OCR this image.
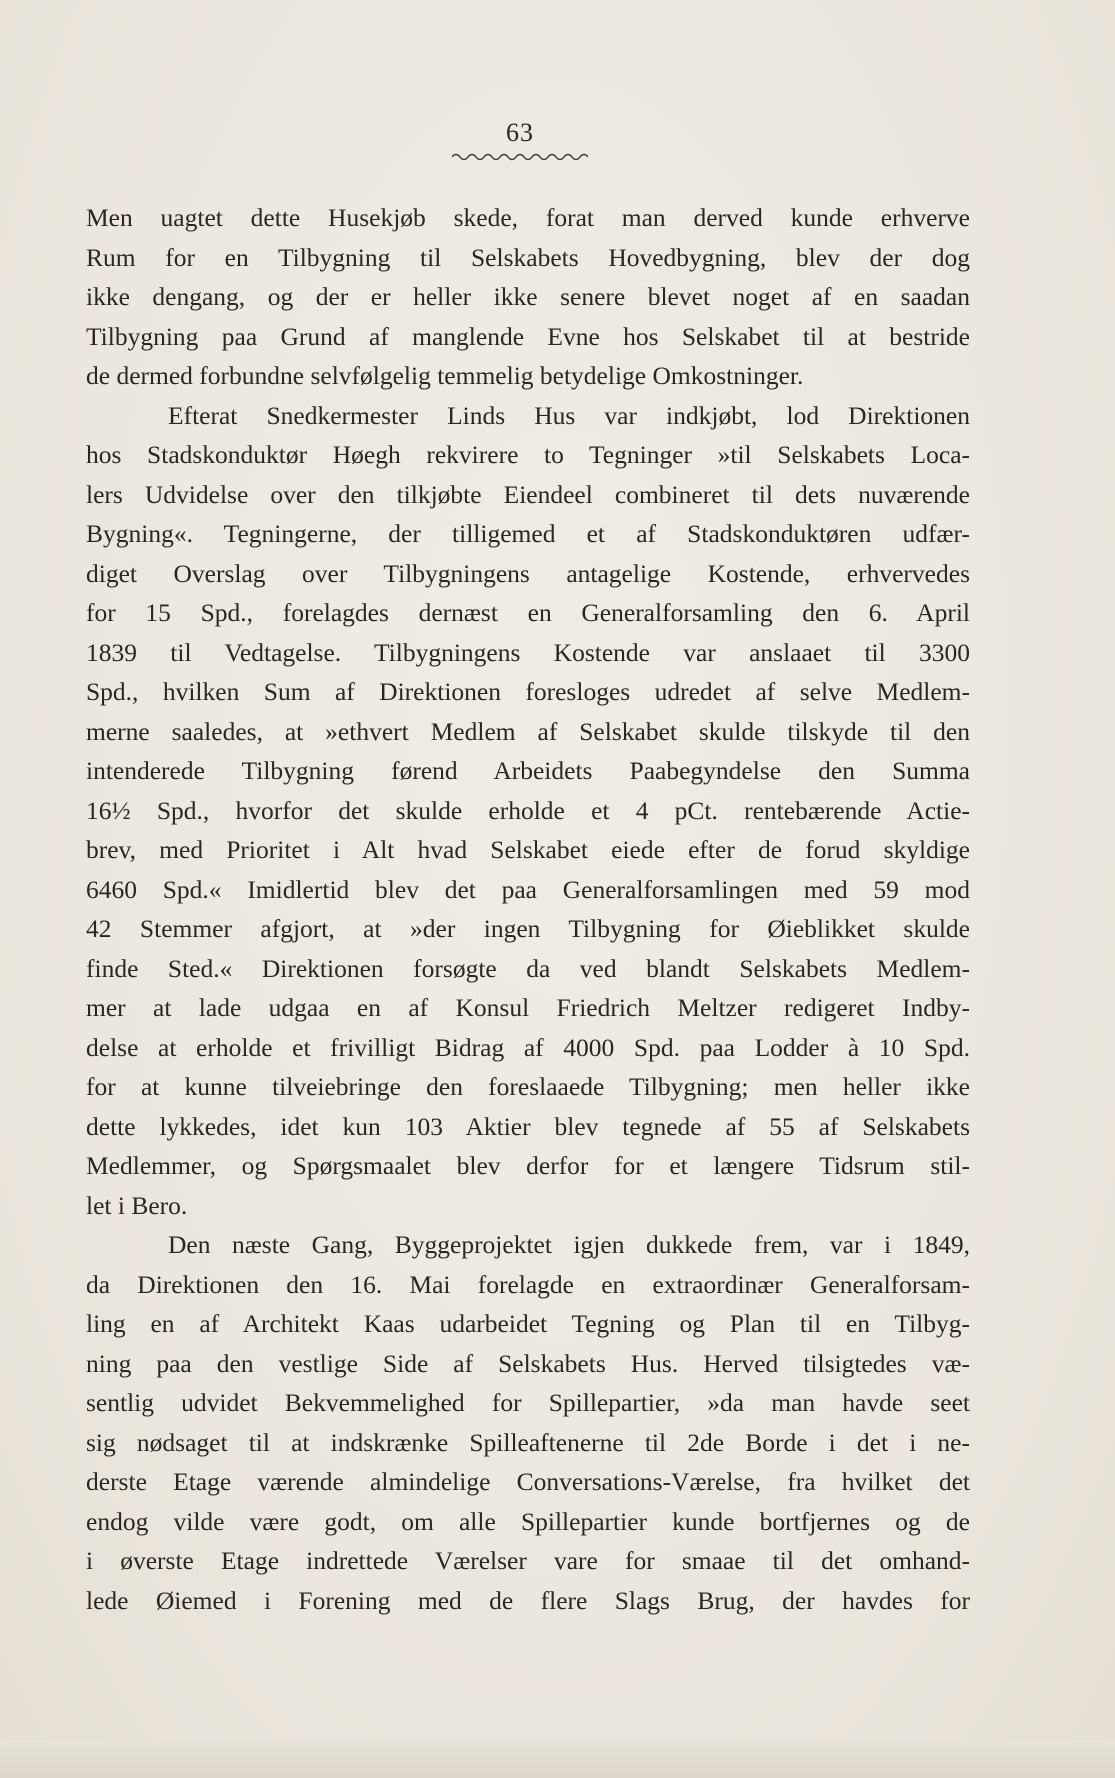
63
Men uagtet dette Husekjøb skede, forat man derved kunde erhverve
Rum for en Tilbygning til Selskabets Hovedbygning, blev der dog
ikke dengang, og der er heller ikke senere blevet noget af en saadan
Tilbygning paa Grund af manglende Evne hos Selskabet til at bestride
de dermed forbundne selvfølgelig temmelig betydelige Omkostninger.
Efterat Snedkermester Linds Hus var indkjøbt, lod Direktionen
hos Stadskonduktør Høegh rekvirere to Tegninger »til Selskabets Loca-
lers Udvidelse over den tilkjøbte Eiendeel combineret til dets nuværende
Bygning«. Tegningerne, der tilligemed et af Stadskonduktøren udfær-
diget Overslag over Tilbygningens antagelige Kostende, erhvervedes
for 15 Spd., forelagdes dernæst en Generalforsamling den 6. April
1839 til Vedtagelse. Tilbygningens Kostende var anslaaet til 3300
Spd., hvilken Sum af Direktionen foresloges udredet af selve Medlem-
merne saaledes, at »ethvert Medlem af Selskabet skulde tilskyde til den
intenderede Tilbygning førend Arbeidets Paabegyndelse den Summa
16½ Spd., hvorfor det skulde erholde et 4 pCt. rentebærende Actie-
brev, med Prioritet i Alt hvad Selskabet eiede efter de forud skyldige
6460 Spd.« Imidlertid blev det paa Generalforsamlingen med 59 mod
42 Stemmer afgjort, at »der ingen Tilbygning for Øieblikket skulde
finde Sted.« Direktionen forsøgte da ved blandt Selskabets Medlem-
mer at lade udgaa en af Konsul Friedrich Meltzer redigeret Indby-
delse at erholde et frivilligt Bidrag af 4000 Spd. paa Lodder à 10 Spd.
for at kunne tilveiebringe den foreslaaede Tilbygning; men heller ikke
dette lykkedes, idet kun 103 Aktier blev tegnede af 55 af Selskabets
Medlemmer, og Spørgsmaalet blev derfor for et længere Tidsrum stil-
let i Bero.
Den næste Gang, Byggeprojektet igjen dukkede frem, var i 1849,
da Direktionen den 16. Mai forelagde en extraordinær Generalforsam-
ling en af Architekt Kaas udarbeidet Tegning og Plan til en Tilbyg-
ning paa den vestlige Side af Selskabets Hus. Herved tilsigtedes væ-
sentlig udvidet Bekvemmelighed for Spillepartier, »da man havde seet
sig nødsaget til at indskrænke Spilleaftenerne til 2de Borde i det i ne-
derste Etage værende almindelige Conversations-Værelse, fra hvilket det
endog vilde være godt, om alle Spillepartier kunde bortfjernes og de
i øverste Etage indrettede Værelser vare for smaae til det omhand-
lede Øiemed i Forening med de flere Slags Brug, der havdes for
